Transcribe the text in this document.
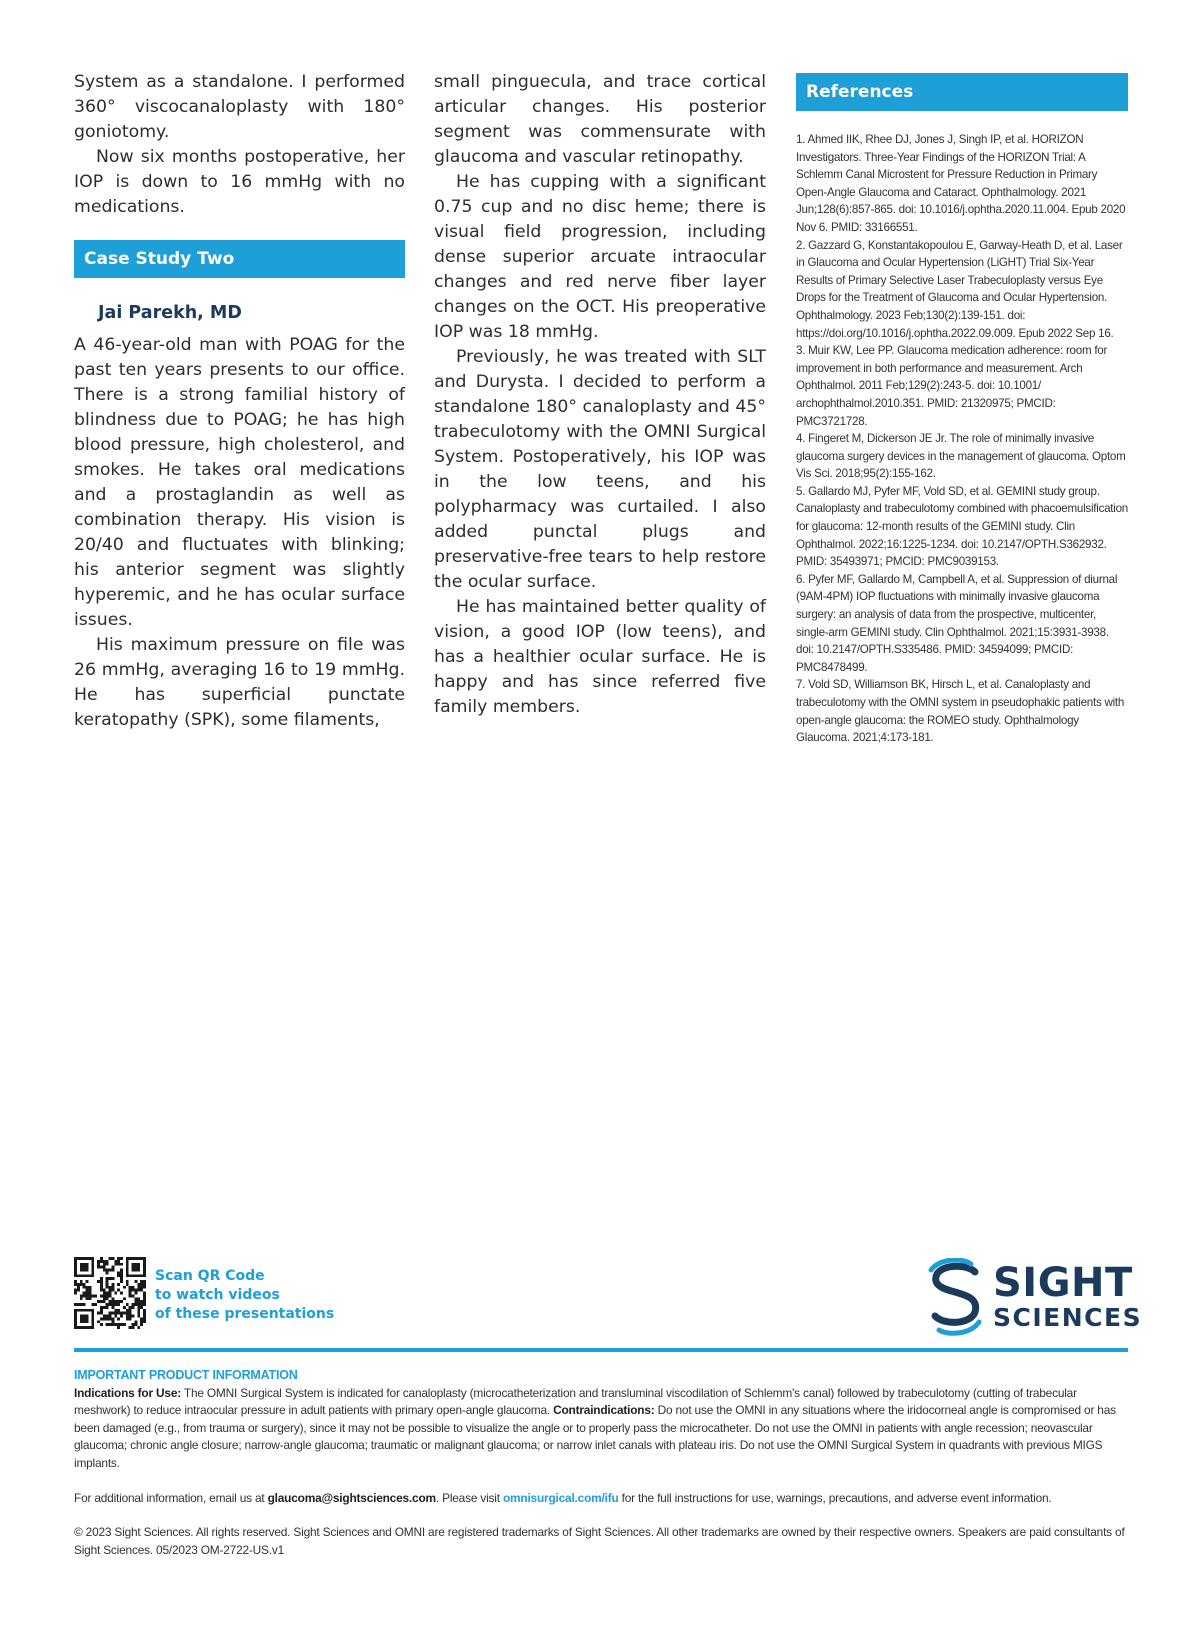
System as a standalone. I performed 360° viscocanaloplasty with 180° goniotomy.

Now six months postoperative, her IOP is down to 16 mmHg with no medications.

Case Study Two
Jai Parekh, MD

A 46-year-old man with POAG for the past ten years presents to our office. There is a strong familial history of blindness due to POAG; he has high blood pressure, high cholesterol, and smokes. He takes oral medications and a prostaglandin as well as combination therapy. His vision is 20/40 and fluctuates with blinking; his anterior segment was slightly hyperemic, and he has ocular surface issues.

His maximum pressure on file was 26 mmHg, averaging 16 to 19 mmHg. He has superficial punctate keratopathy (SPK), some filaments,

small pinguecula, and trace cortical articular changes. His posterior segment was commensurate with glaucoma and vascular retinopathy.

He has cupping with a significant 0.75 cup and no disc heme; there is visual field progression, including dense superior arcuate intraocular changes and red nerve fiber layer changes on the OCT. His preoperative IOP was 18 mmHg.

Previously, he was treated with SLT and Durysta. I decided to perform a standalone 180° canaloplasty and 45° trabeculotomy with the OMNI Surgical System. Postoperatively, his IOP was in the low teens, and his polypharmacy was curtailed. I also added punctal plugs and preservative-free tears to help restore the ocular surface.

He has maintained better quality of vision, a good IOP (low teens), and has a healthier ocular surface. He is happy and has since referred five family members.

References
1. Ahmed IIK, Rhee DJ, Jones J, Singh IP, et al. HORIZON Investigators. Three-Year Findings of the HORIZON Trial: A Schlemm Canal Microstent for Pressure Reduction in Primary Open-Angle Glaucoma and Cataract. Ophthalmology. 2021 Jun;128(6):857-865. doi: 10.1016/j.ophtha.2020.11.004. Epub 2020 Nov 6. PMID: 33166551.
2. Gazzard G, Konstantakopoulou E, Garway-Heath D, et al. Laser in Glaucoma and Ocular Hypertension (LiGHT) Trial Six-Year Results of Primary Selective Laser Trabeculoplasty versus Eye Drops for the Treatment of Glaucoma and Ocular Hypertension. Ophthalmology. 2023 Feb;130(2):139-151. doi: https://doi.org/10.1016/j.ophtha.2022.09.009. Epub 2022 Sep 16.
3. Muir KW, Lee PP. Glaucoma medication adherence: room for improvement in both performance and measurement. Arch Ophthalmol. 2011 Feb;129(2):243-5. doi: 10.1001/ archophthalmol.2010.351. PMID: 21320975; PMCID: PMC3721728.
4. Fingeret M, Dickerson JE Jr. The role of minimally invasive glaucoma surgery devices in the management of glaucoma. Optom Vis Sci. 2018;95(2):155-162.
5. Gallardo MJ, Pyfer MF, Vold SD, et al. GEMINI study group. Canaloplasty and trabeculotomy combined with phacoemulsification for glaucoma: 12-month results of the GEMINI study. Clin Ophthalmol. 2022;16:1225-1234. doi: 10.2147/OPTH.S362932. PMID: 35493971; PMCID: PMC9039153.
6. Pyfer MF, Gallardo M, Campbell A, et al. Suppression of diurnal (9AM-4PM) IOP fluctuations with minimally invasive glaucoma surgery: an analysis of data from the prospective, multicenter, single-arm GEMINI study. Clin Ophthalmol. 2021;15:3931-3938. doi: 10.2147/OPTH.S335486. PMID: 34594099; PMCID: PMC8478499.
7. Vold SD, Williamson BK, Hirsch L, et al. Canaloplasty and trabeculotomy with the OMNI system in pseudophakic patients with open-angle glaucoma: the ROMEO study. Ophthalmology Glaucoma. 2021;4:173-181.
Scan QR Code
to watch videos
of these presentations
SIGHT
SCIENCES
IMPORTANT PRODUCT INFORMATION
Indications for Use: The OMNI Surgical System is indicated for canaloplasty (microcatheterization and transluminal viscodilation of Schlemm's canal) followed by trabeculotomy (cutting of trabecular meshwork) to reduce intraocular pressure in adult patients with primary open-angle glaucoma. Contraindications: Do not use the OMNI in any situations where the iridocorneal angle is compromised or has been damaged (e.g., from trauma or surgery), since it may not be possible to visualize the angle or to properly pass the microcatheter. Do not use the OMNI in patients with angle recession; neovascular glaucoma; chronic angle closure; narrow-angle glaucoma; traumatic or malignant glaucoma; or narrow inlet canals with plateau iris. Do not use the OMNI Surgical System in quadrants with previous MIGS implants.
For additional information, email us at glaucoma@sightsciences.com. Please visit omnisurgical.com/ifu for the full instructions for use, warnings, precautions, and adverse event information.
© 2023 Sight Sciences. All rights reserved. Sight Sciences and OMNI are registered trademarks of Sight Sciences. All other trademarks are owned by their respective owners. Speakers are paid consultants of Sight Sciences. 05/2023 OM-2722-US.v1
